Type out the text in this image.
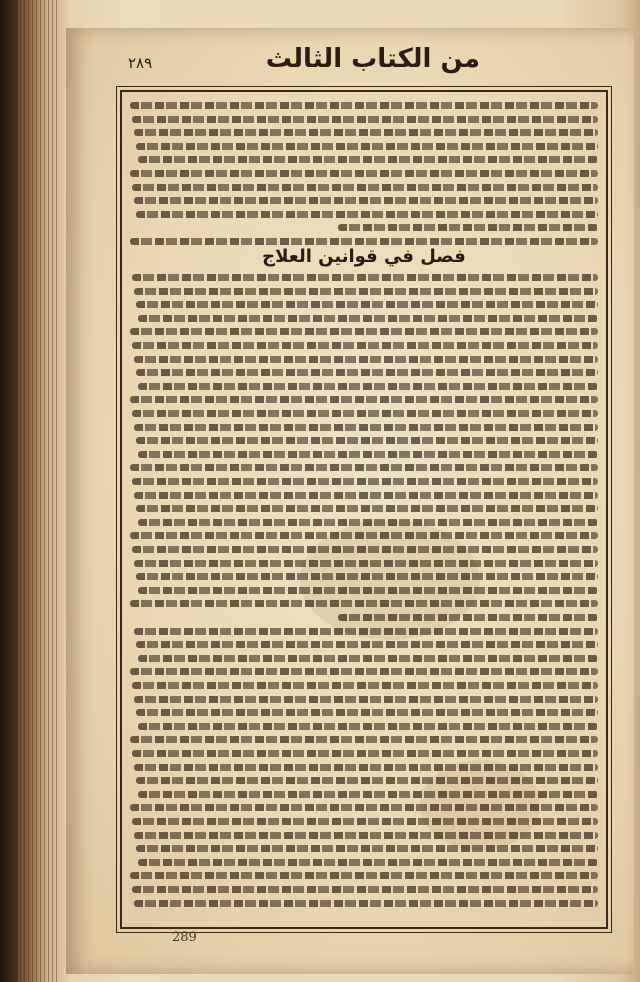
من الكتاب الثالث
٢٨٩
فصل في قوانين العلاج
289
